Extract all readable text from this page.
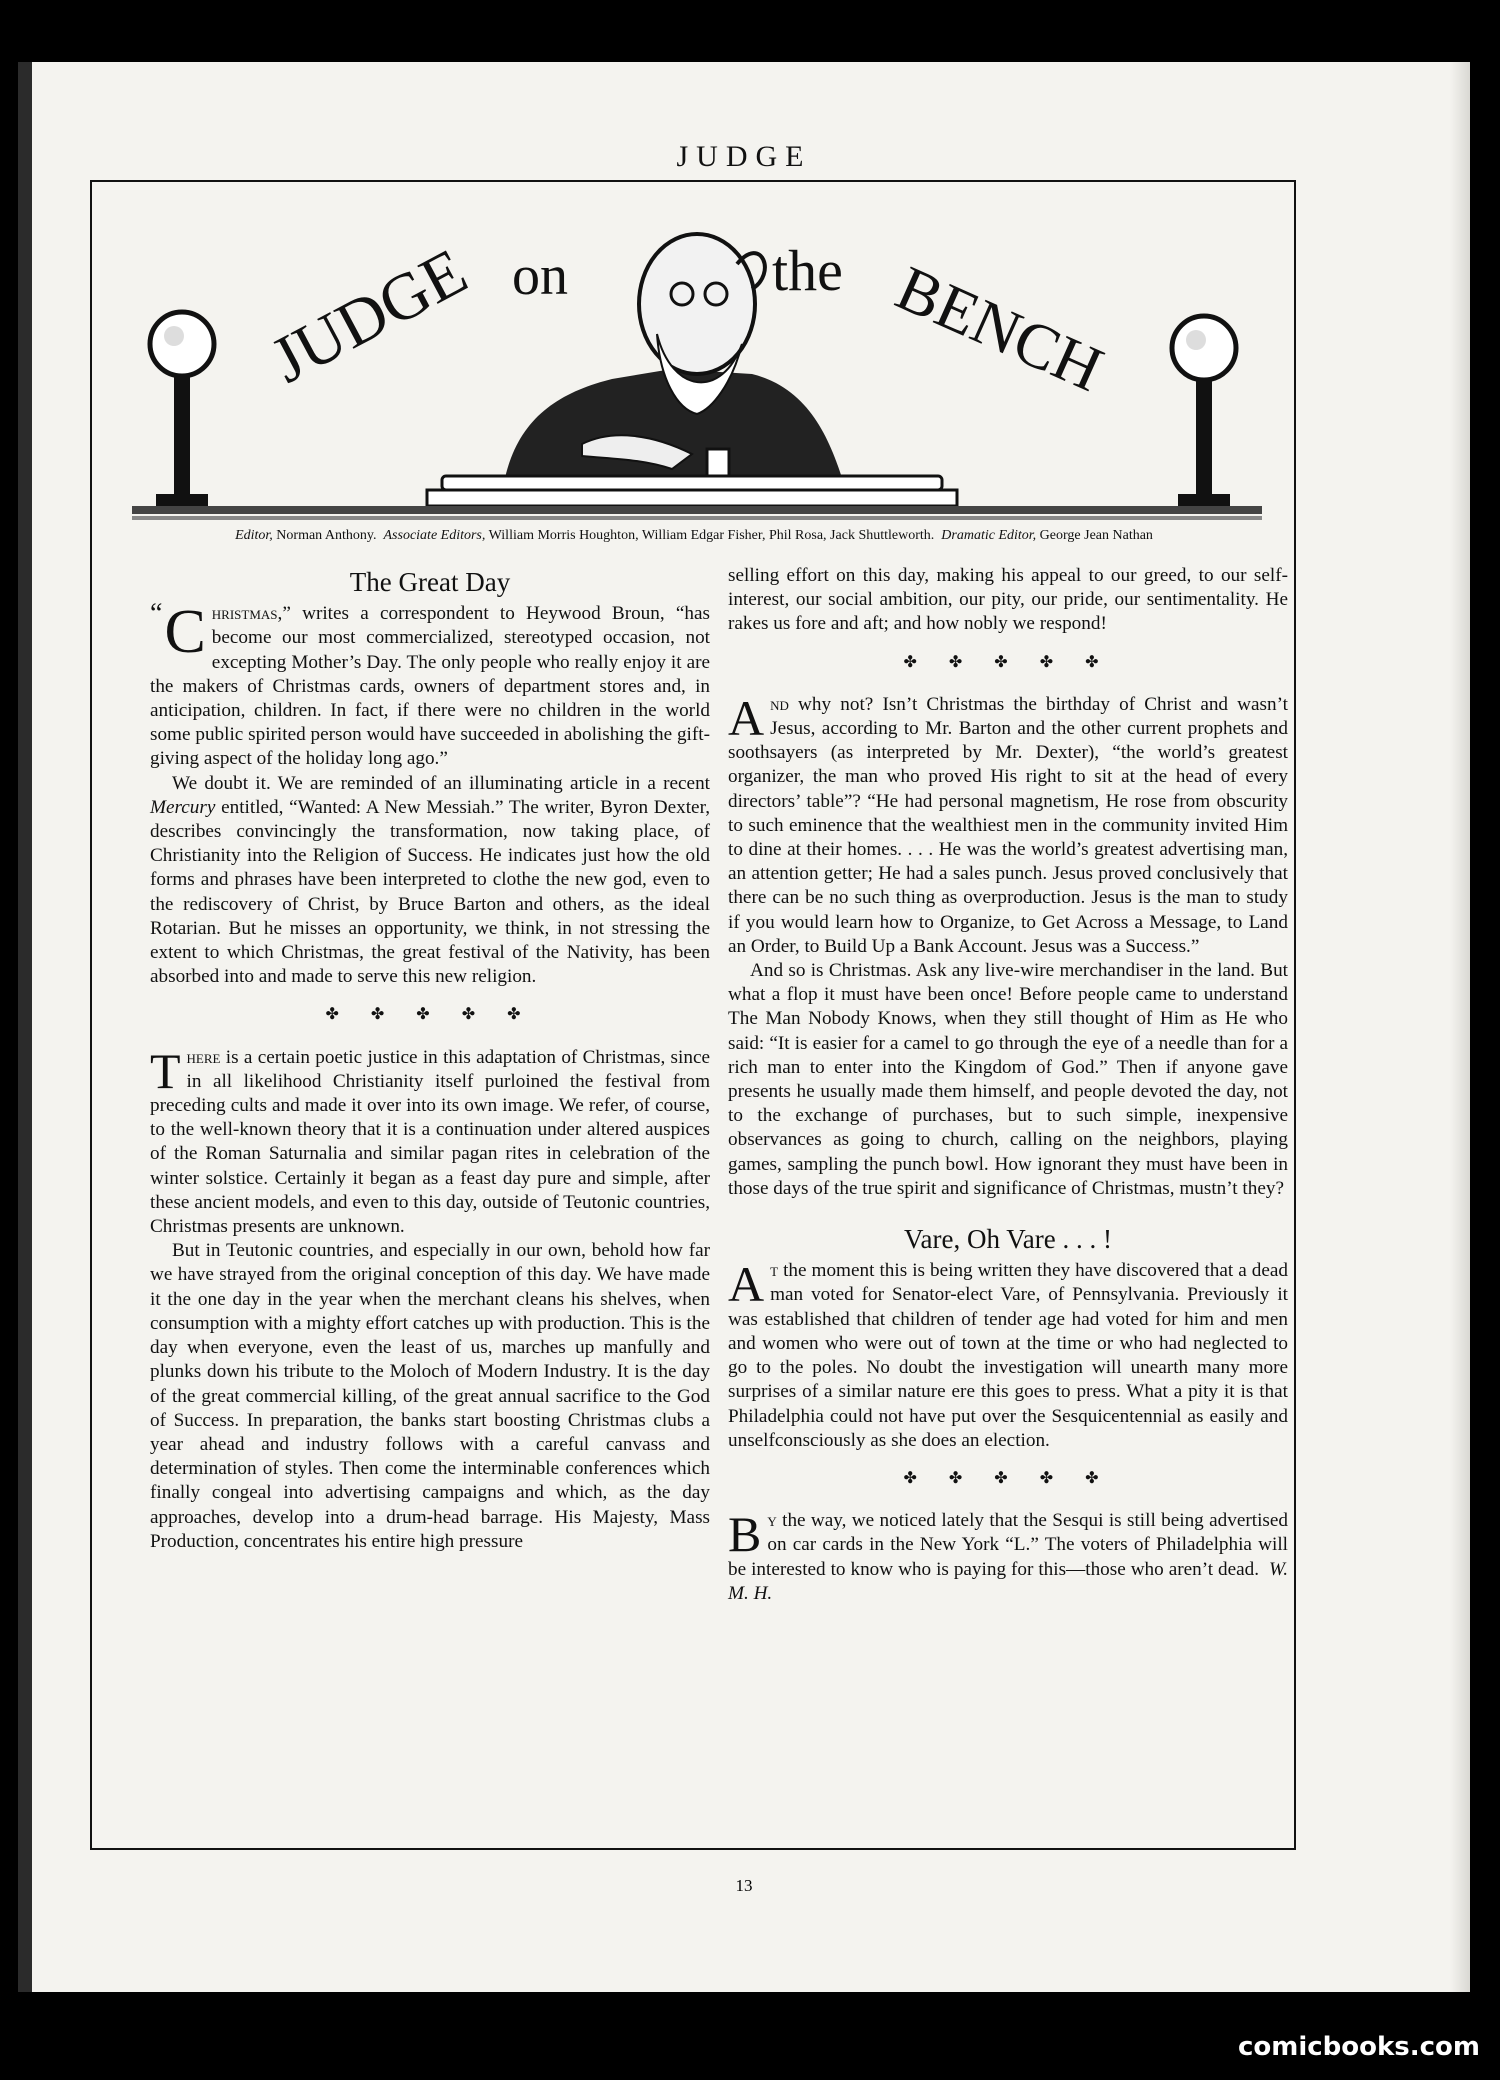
JUDGE
JUDGE on	the BENCH
Editor, Norman Anthony. Associate Editors, William Morris Houghton, William Edgar Fisher, Phil Rosa, Jack Shuttleworth. Dramatic Editor, George Jean Nathan
The Great Day

“ C hristmas,” writes a correspondent to Heywood Broun, “has become our most commercialized, stereotyped occasion, not excepting Mother’s Day. The only people who really enjoy it are the makers of Christmas cards, owners of department stores and, in anticipation, children. In fact, if there were no children in the world some public spirited person would have succeeded in abolishing the gift-giving aspect of the holiday long ago.”

We doubt it. We are reminded of an illuminating article in a recent Mercury entitled, “Wanted: A New Messiah.” The writer, Byron Dexter, describes convincingly the transformation, now taking place, of Christianity into the Religion of Success. He indicates just how the old forms and phrases have been interpreted to clothe the new god, even to the rediscovery of Christ, by Bruce Barton and others, as the ideal Rotarian. But he misses an opportunity, we think, in not stressing the extent to which Christmas, the great festival of the Nativity, has been absorbed into and made to serve this new religion.

✤ ✤ ✤ ✤ ✤

There is a certain poetic justice in this adaptation of Christmas, since in all likelihood Christianity itself purloined the festival from preceding cults and made it over into its own image. We refer, of course, to the well-known theory that it is a continuation under altered auspices of the Roman Saturnalia and similar pagan rites in celebration of the winter solstice. Certainly it began as a feast day pure and simple, after these ancient models, and even to this day, outside of Teutonic countries, Christmas presents are unknown.

But in Teutonic countries, and especially in our own, behold how far we have strayed from the original conception of this day. We have made it the one day in the year when the merchant cleans his shelves, when consumption with a mighty effort catches up with production. This is the day when everyone, even the least of us, marches up manfully and plunks down his tribute to the Moloch of Modern Industry. It is the day of the great commercial killing, of the great annual sacrifice to the God of Success. In preparation, the banks start boosting Christmas clubs a year ahead and industry follows with a careful canvass and determination of styles. Then come the interminable conferences which finally congeal into advertising campaigns and which, as the day approaches, develop into a drum-head barrage. His Majesty, Mass Production, concentrates his entire high pressure

selling effort on this day, making his appeal to our greed, to our self-interest, our social ambition, our pity, our pride, our sentimentality. He rakes us fore and aft; and how nobly we respond!

✤ ✤ ✤ ✤ ✤

And why not? Isn’t Christmas the birthday of Christ and wasn’t Jesus, according to Mr. Barton and the other current prophets and soothsayers (as interpreted by Mr. Dexter), “the world’s greatest organizer, the man who proved His right to sit at the head of every directors’ table”? “He had personal magnetism, He rose from obscurity to such eminence that the wealthiest men in the community invited Him to dine at their homes. . . . He was the world’s greatest advertising man, an attention getter; He had a sales punch. Jesus proved conclusively that there can be no such thing as overproduction. Jesus is the man to study if you would learn how to Organize, to Get Across a Message, to Land an Order, to Build Up a Bank Account. Jesus was a Success.”

And so is Christmas. Ask any live-wire merchandiser in the land. But what a flop it must have been once! Before people came to understand The Man Nobody Knows, when they still thought of Him as He who said: “It is easier for a camel to go through the eye of a needle than for a rich man to enter into the Kingdom of God.” Then if anyone gave presents he usually made them himself, and people devoted the day, not to the exchange of purchases, but to such simple, inexpensive observances as going to church, calling on the neighbors, playing games, sampling the punch bowl. How ignorant they must have been in those days of the true spirit and significance of Christmas, mustn’t they?

Vare, Oh Vare . . . !

At the moment this is being written they have discovered that a dead man voted for Senator-elect Vare, of Pennsylvania. Previously it was established that children of tender age had voted for him and men and women who were out of town at the time or who had neglected to go to the poles. No doubt the investigation will unearth many more surprises of a similar nature ere this goes to press. What a pity it is that Philadelphia could not have put over the Sesquicentennial as easily and unselfconsciously as she does an election.

✤ ✤ ✤ ✤ ✤

By the way, we noticed lately that the Sesqui is still being advertised on car cards in the New York “L.” The voters of Philadelphia will be interested to know who is paying for this—those who aren’t dead. W. M. H.

13
comicbooks.com
